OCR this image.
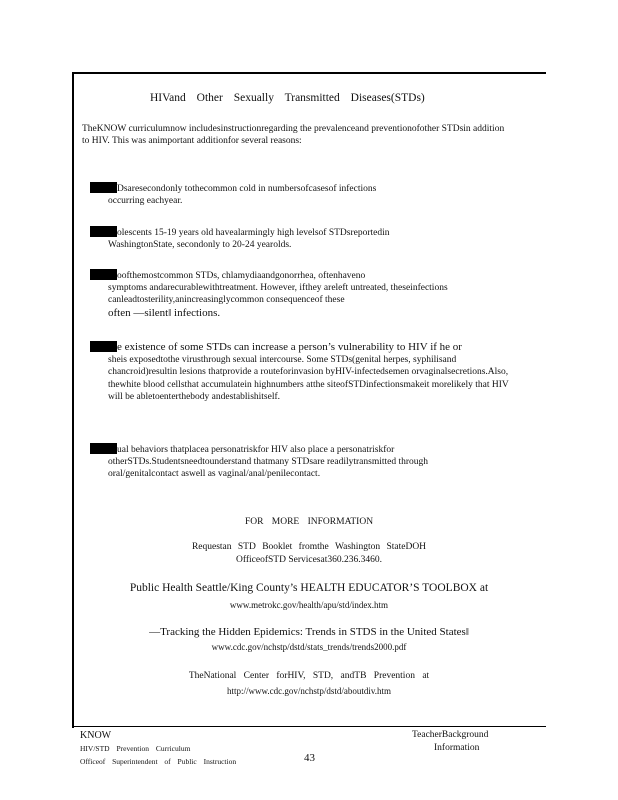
HIVand Other Sexually Transmitted Diseases(STDs)
TheKNOW curriculumnow includesinstructionregarding the prevalenceand preventionofother STDsin addition to HIV. This was animportant additionfor several reasons:
Dsaresecondonly tothecommon cold in numbersofcasesof infections
occurring eachyear.
olescents 15-19 years old havealarmingly high levelsof STDsreportedin
WashingtonState, secondonly to 20-24 yearolds.
oofthemostcommon STDs, chlamydiaandgonorrhea, oftenhaveno
symptoms andarecurablewithtreatment. However, ifthey areleft untreated, theseinfections canleadtosterility,anincreasinglycommon consequenceof these
often —silent‖ infections.
e existence of some STDs can increase a person’s vulnerability to HIV if he or
sheis exposedtothe virusthrough sexual intercourse. Some STDs(genital herpes, syphilisand chancroid)resultin lesions thatprovide a routeforinvasion byHIV-infectedsemen orvaginalsecretions.Also, thewhite blood cellsthat accumulatein highnumbers atthe siteofSTDinfectionsmakeit morelikely that HIV will be abletoenterthebody andestablishitself.
ual behaviors thatplacea personatriskfor HIV also place a personatriskfor
otherSTDs.Studentsneedtounderstand thatmany STDsare readilytransmitted through oral/genitalcontact aswell as vaginal/anal/penilecontact.
FOR MORE INFORMATION
Requestan STD Booklet fromthe Washington StateDOH
OfficeofSTD Servicesat360.236.3460.
Public Health Seattle/King County’s HEALTH EDUCATOR’S TOOLBOX at
www.metrokc.gov/health/apu/std/index.htm
—Tracking the Hidden Epidemics: Trends in STDS in the United States‖
www.cdc.gov/nchstp/dstd/stats_trends/trends2000.pdf
TheNational Center forHIV, STD, andTB Prevention at
http://www.cdc.gov/nchstp/dstd/aboutdiv.htm
KNOW
HIV/STD Prevention Curriculum
Officeof Superintendent of Public Instruction	43
TeacherBackground
Information
